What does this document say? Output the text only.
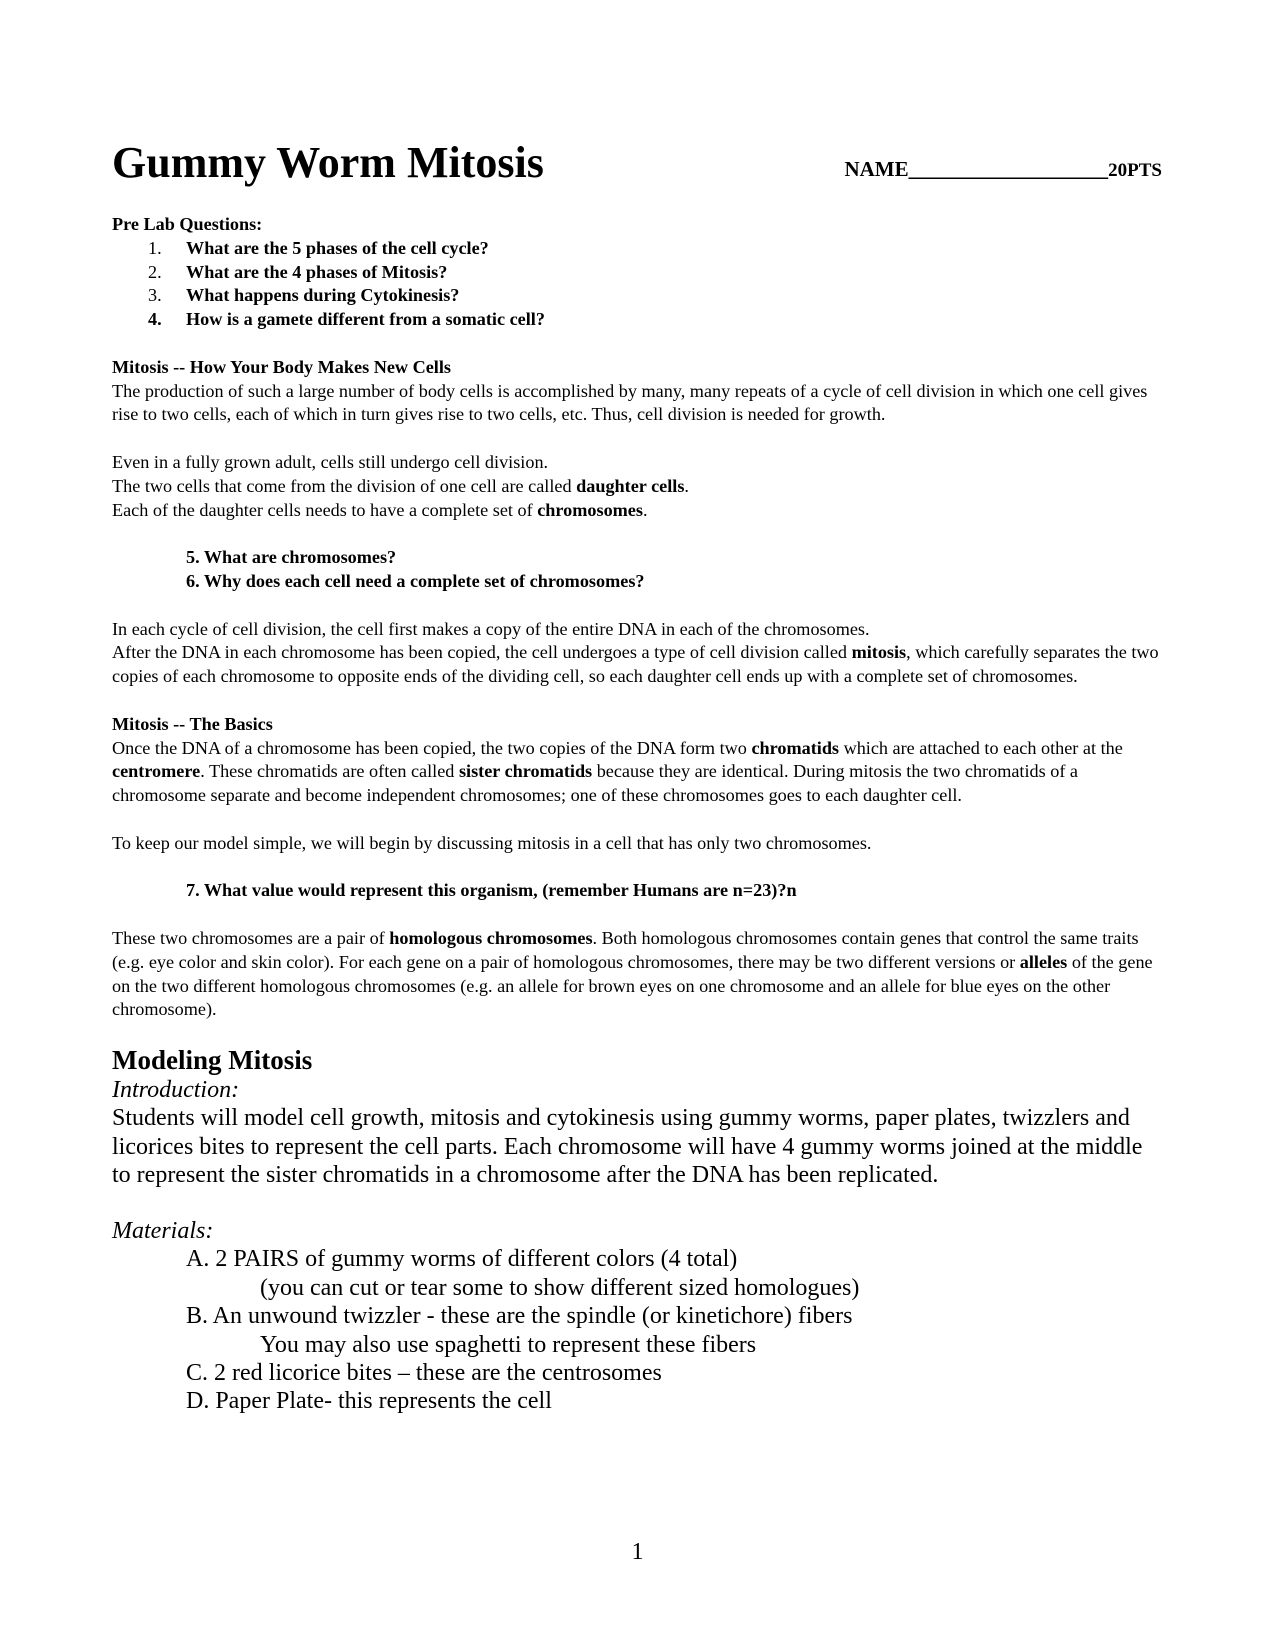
Gummy Worm Mitosis	NAME___________________20PTS

Pre Lab Questions:

1. What are the 5 phases of the cell cycle?
2. What are the 4 phases of Mitosis?
3. What happens during Cytokinesis?
4. How is a gamete different from a somatic cell?

Mitosis -- How Your Body Makes New Cells

The production of such a large number of body cells is accomplished by many, many repeats of a cycle of cell division in which one cell gives rise to two cells, each of which in turn gives rise to two cells, etc. Thus, cell division is needed for growth.

Even in a fully grown adult, cells still undergo cell division.

The two cells that come from the division of one cell are called daughter cells.

Each of the daughter cells needs to have a complete set of chromosomes.

5. What are chromosomes?

6. Why does each cell need a complete set of chromosomes?

In each cycle of cell division, the cell first makes a copy of the entire DNA in each of the chromosomes.

After the DNA in each chromosome has been copied, the cell undergoes a type of cell division called mitosis, which carefully separates the two copies of each chromosome to opposite ends of the dividing cell, so each daughter cell ends up with a complete set of chromosomes.

Mitosis -- The Basics

Once the DNA of a chromosome has been copied, the two copies of the DNA form two chromatids which are attached to each other at the centromere. These chromatids are often called sister chromatids because they are identical. During mitosis the two chromatids of a chromosome separate and become independent chromosomes; one of these chromosomes goes to each daughter cell.

To keep our model simple, we will begin by discussing mitosis in a cell that has only two chromosomes.

7. What value would represent this organism, (remember Humans are n=23)?n

These two chromosomes are a pair of homologous chromosomes. Both homologous chromosomes contain genes that control the same traits (e.g. eye color and skin color). For each gene on a pair of homologous chromosomes, there may be two different versions or alleles of the gene on the two different homologous chromosomes (e.g. an allele for brown eyes on one chromosome and an allele for blue eyes on the other chromosome).

Modeling Mitosis

Introduction:

Students will model cell growth, mitosis and cytokinesis using gummy worms, paper plates, twizzlers and licorices bites to represent the cell parts. Each chromosome will have 4 gummy worms joined at the middle to represent the sister chromatids in a chromosome after the DNA has been replicated.

Materials:

A. 2 PAIRS of gummy worms of different colors (4 total)

(you can cut or tear some to show different sized homologues)

B. An unwound twizzler - these are the spindle (or kinetichore) fibers

You may also use spaghetti to represent these fibers

C. 2 red licorice bites – these are the centrosomes

D. Paper Plate- this represents the cell

1
